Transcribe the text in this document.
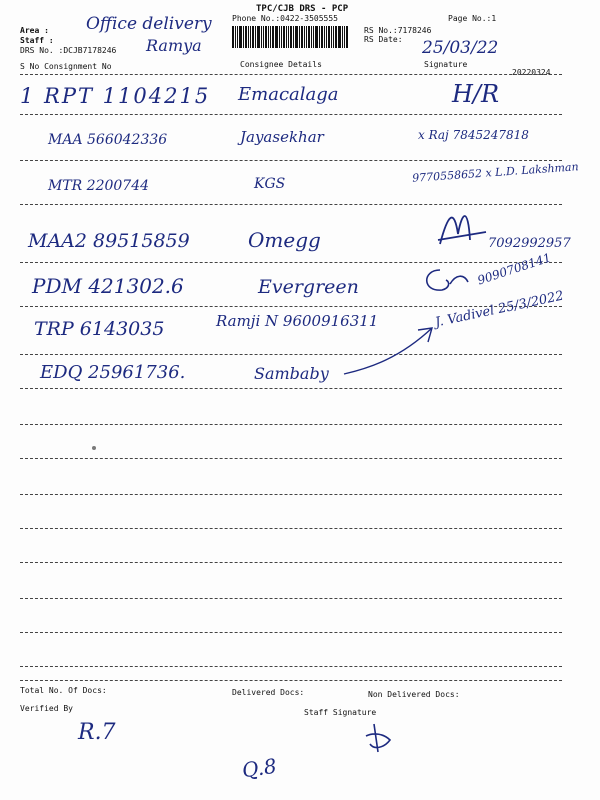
TPC/CJB DRS - PCP
Phone No.:0422-3505555	Page No.:1
Area :
Staff :
DRS No. :DCJB7178246
RS No.:7178246
RS Date:
Office delivery
Ramya	25/03/22
S No Consignment No	Consignee Details	Signature
20220324
1 RPT 1104215 Emacalaga	H/R
MAA 566042336	Jayasekhar	x Raj 7845247818
MTR 2200744	KGS	9770558652 x L.D. Lakshman
MAA2 89515859	Omegg	7092992957
PDM 421302.6	Evergreen	9090708141
TRP 6143035	Ramji N 9600916311	J. Vadivel 25/3/2022
EDQ 25961736.	Sambaby
Total No. Of Docs:	Delivered Docs:	Non Delivered Docs:
Verified By	Staff Signature
R.7
Q.8
